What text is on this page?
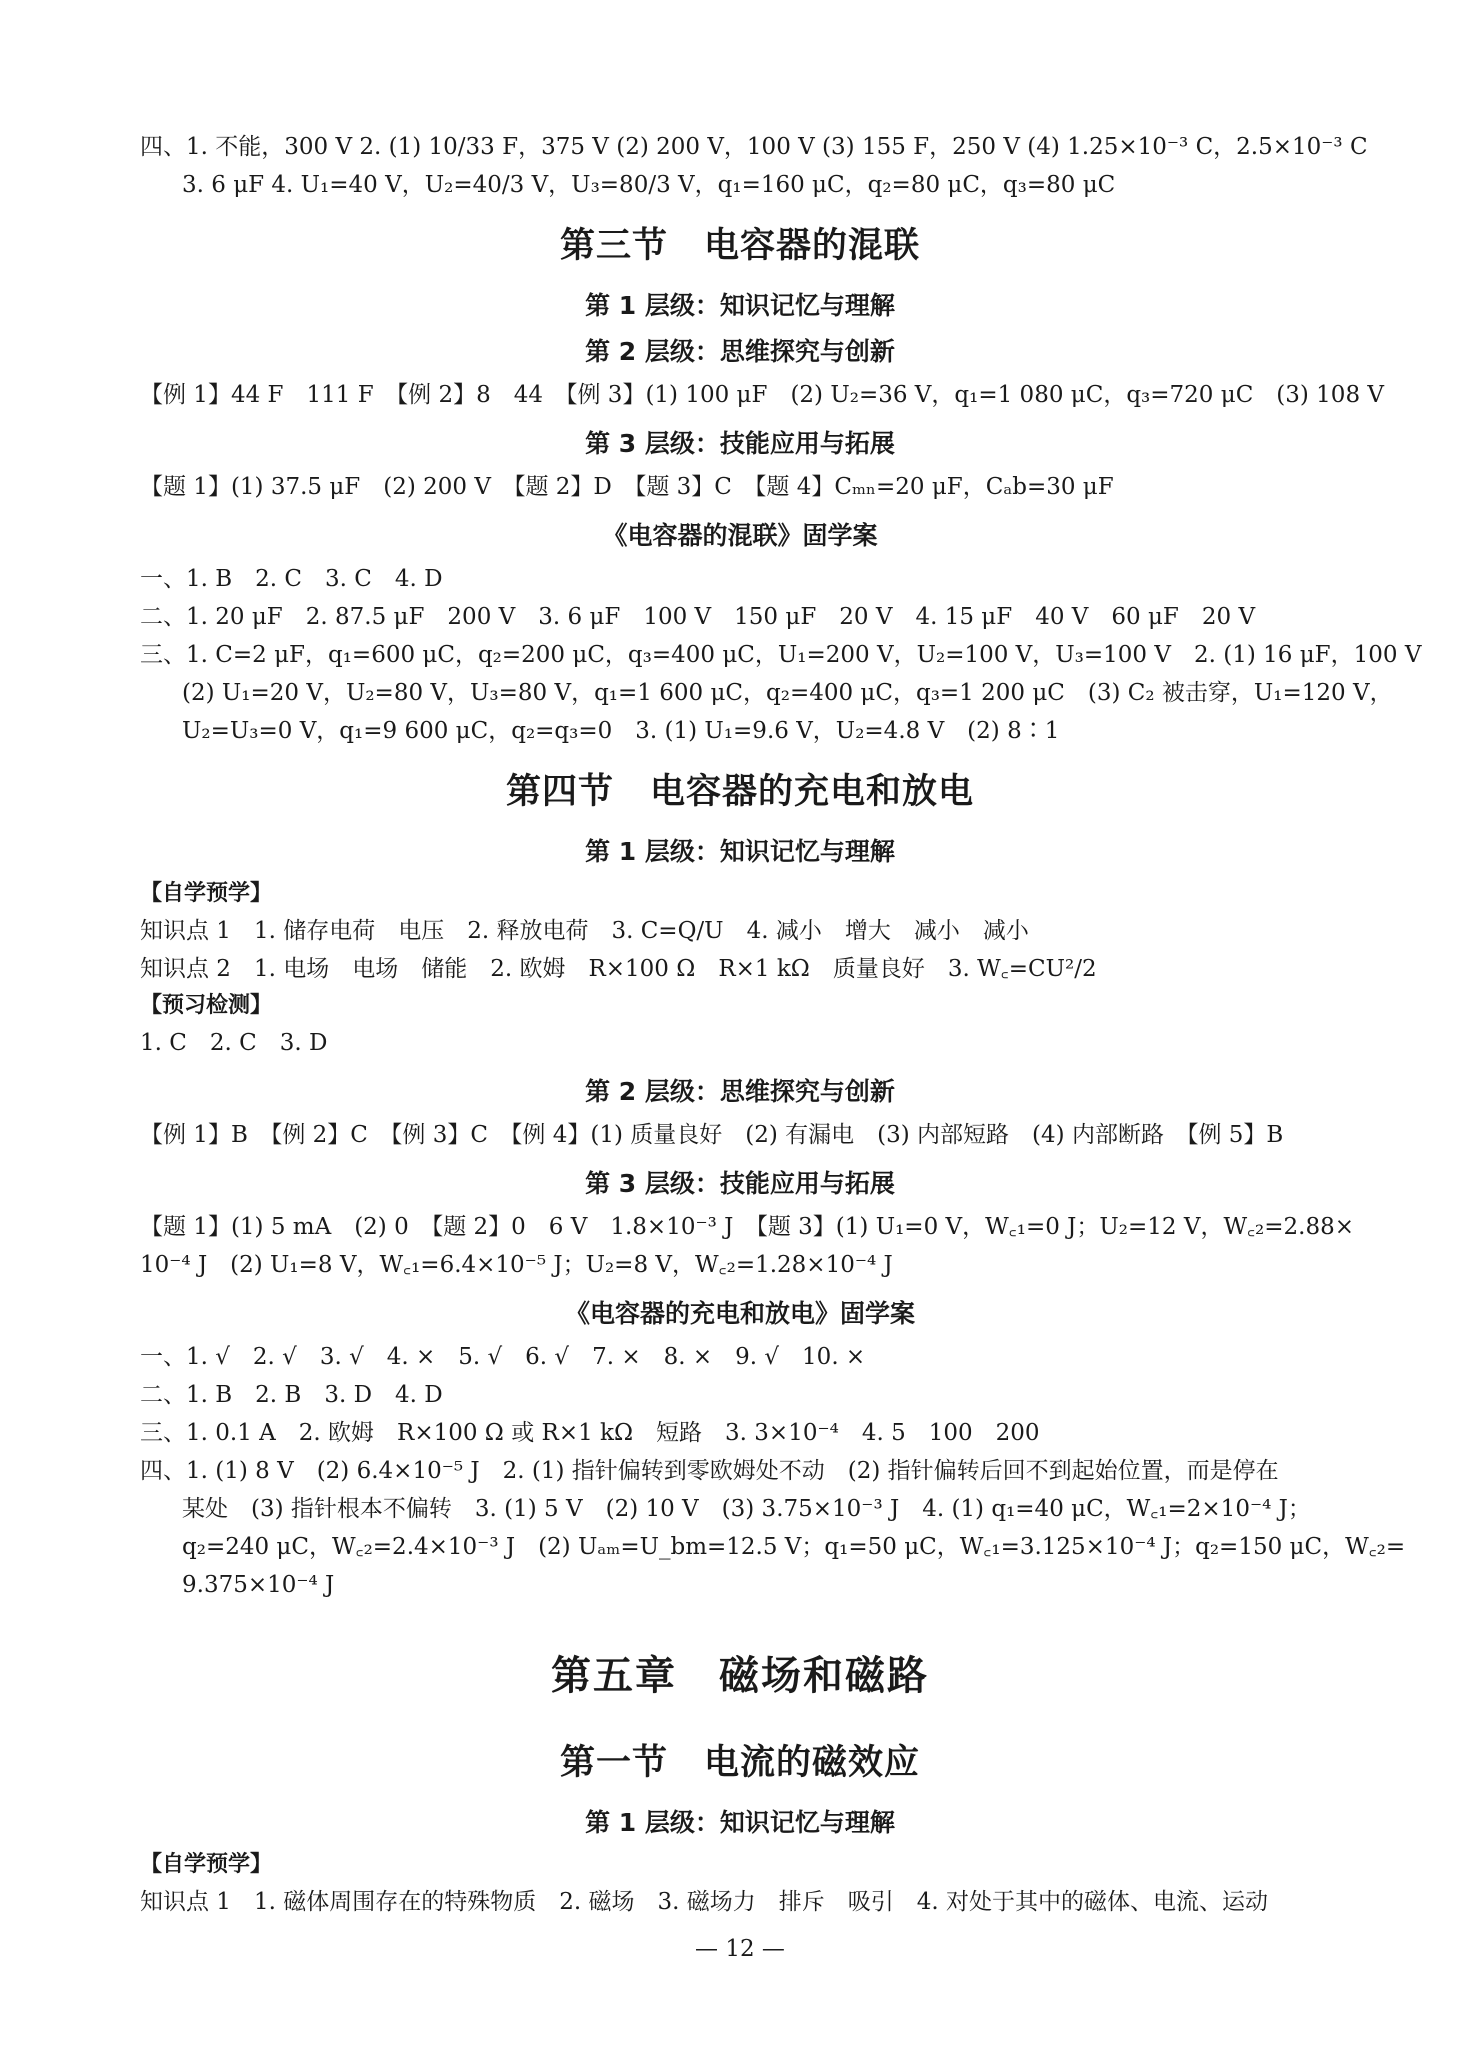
四、1. 不能，300 V 2. (1) 10/33 F，375 V (2) 200 V，100 V (3) 155 F，250 V (4) 1.25×10⁻³ C，2.5×10⁻³ C

3. 6 μF 4. U₁=40 V，U₂=40/3 V，U₃=80/3 V，q₁=160 μC，q₂=80 μC，q₃=80 μC

第三节　电容器的混联
第 1 层级：知识记忆与理解
第 2 层级：思维探究与创新

【例 1】44 F　111 F　【例 2】8　44　【例 3】(1) 100 μF　(2) U₂=36 V，q₁=1 080 μC，q₃=720 μC　(3) 108 V

第 3 层级：技能应用与拓展

【题 1】(1) 37.5 μF　(2) 200 V　【题 2】D　【题 3】C　【题 4】Cₘₙ=20 μF，Cₐb=30 μF

《电容器的混联》固学案

一、1. B　2. C　3. C　4. D

二、1. 20 μF　2. 87.5 μF　200 V　3. 6 μF　100 V　150 μF　20 V　4. 15 μF　40 V　60 μF　20 V

三、1. C=2 μF，q₁=600 μC，q₂=200 μC，q₃=400 μC，U₁=200 V，U₂=100 V，U₃=100 V　2. (1) 16 μF，100 V

(2) U₁=20 V，U₂=80 V，U₃=80 V，q₁=1 600 μC，q₂=400 μC，q₃=1 200 μC　(3) C₂ 被击穿，U₁=120 V，

U₂=U₃=0 V，q₁=9 600 μC，q₂=q₃=0　3. (1) U₁=9.6 V，U₂=4.8 V　(2) 8∶1

第四节　电容器的充电和放电
第 1 层级：知识记忆与理解

【自学预学】

知识点 1　1. 储存电荷　电压　2. 释放电荷　3. C=Q/U　4. 减小　增大　减小　减小

知识点 2　1. 电场　电场　储能　2. 欧姆　R×100 Ω　R×1 kΩ　质量良好　3. W꜀=CU²/2

【预习检测】

1. C　2. C　3. D

第 2 层级：思维探究与创新

【例 1】B　【例 2】C　【例 3】C　【例 4】(1) 质量良好　(2) 有漏电　(3) 内部短路　(4) 内部断路　【例 5】B

第 3 层级：技能应用与拓展

【题 1】(1) 5 mA　(2) 0　【题 2】0　6 V　1.8×10⁻³ J　【题 3】(1) U₁=0 V，W꜀₁=0 J；U₂=12 V，W꜀₂=2.88×

10⁻⁴ J　(2) U₁=8 V，W꜀₁=6.4×10⁻⁵ J；U₂=8 V，W꜀₂=1.28×10⁻⁴ J

《电容器的充电和放电》固学案

一、1. √　2. √　3. √　4. ×　5. √　6. √　7. ×　8. ×　9. √　10. ×

二、1. B　2. B　3. D　4. D

三、1. 0.1 A　2. 欧姆　R×100 Ω 或 R×1 kΩ　短路　3. 3×10⁻⁴　4. 5　100　200

四、1. (1) 8 V　(2) 6.4×10⁻⁵ J　2. (1) 指针偏转到零欧姆处不动　(2) 指针偏转后回不到起始位置，而是停在

某处　(3) 指针根本不偏转　3. (1) 5 V　(2) 10 V　(3) 3.75×10⁻³ J　4. (1) q₁=40 μC，W꜀₁=2×10⁻⁴ J；

q₂=240 μC，W꜀₂=2.4×10⁻³ J　(2) Uₐₘ=U_bm=12.5 V；q₁=50 μC，W꜀₁=3.125×10⁻⁴ J；q₂=150 μC，W꜀₂=

9.375×10⁻⁴ J

第五章　磁场和磁路
第一节　电流的磁效应
第 1 层级：知识记忆与理解

【自学预学】

知识点 1　1. 磁体周围存在的特殊物质　2. 磁场　3. 磁场力　排斥　吸引　4. 对处于其中的磁体、电流、运动

— 12 —
